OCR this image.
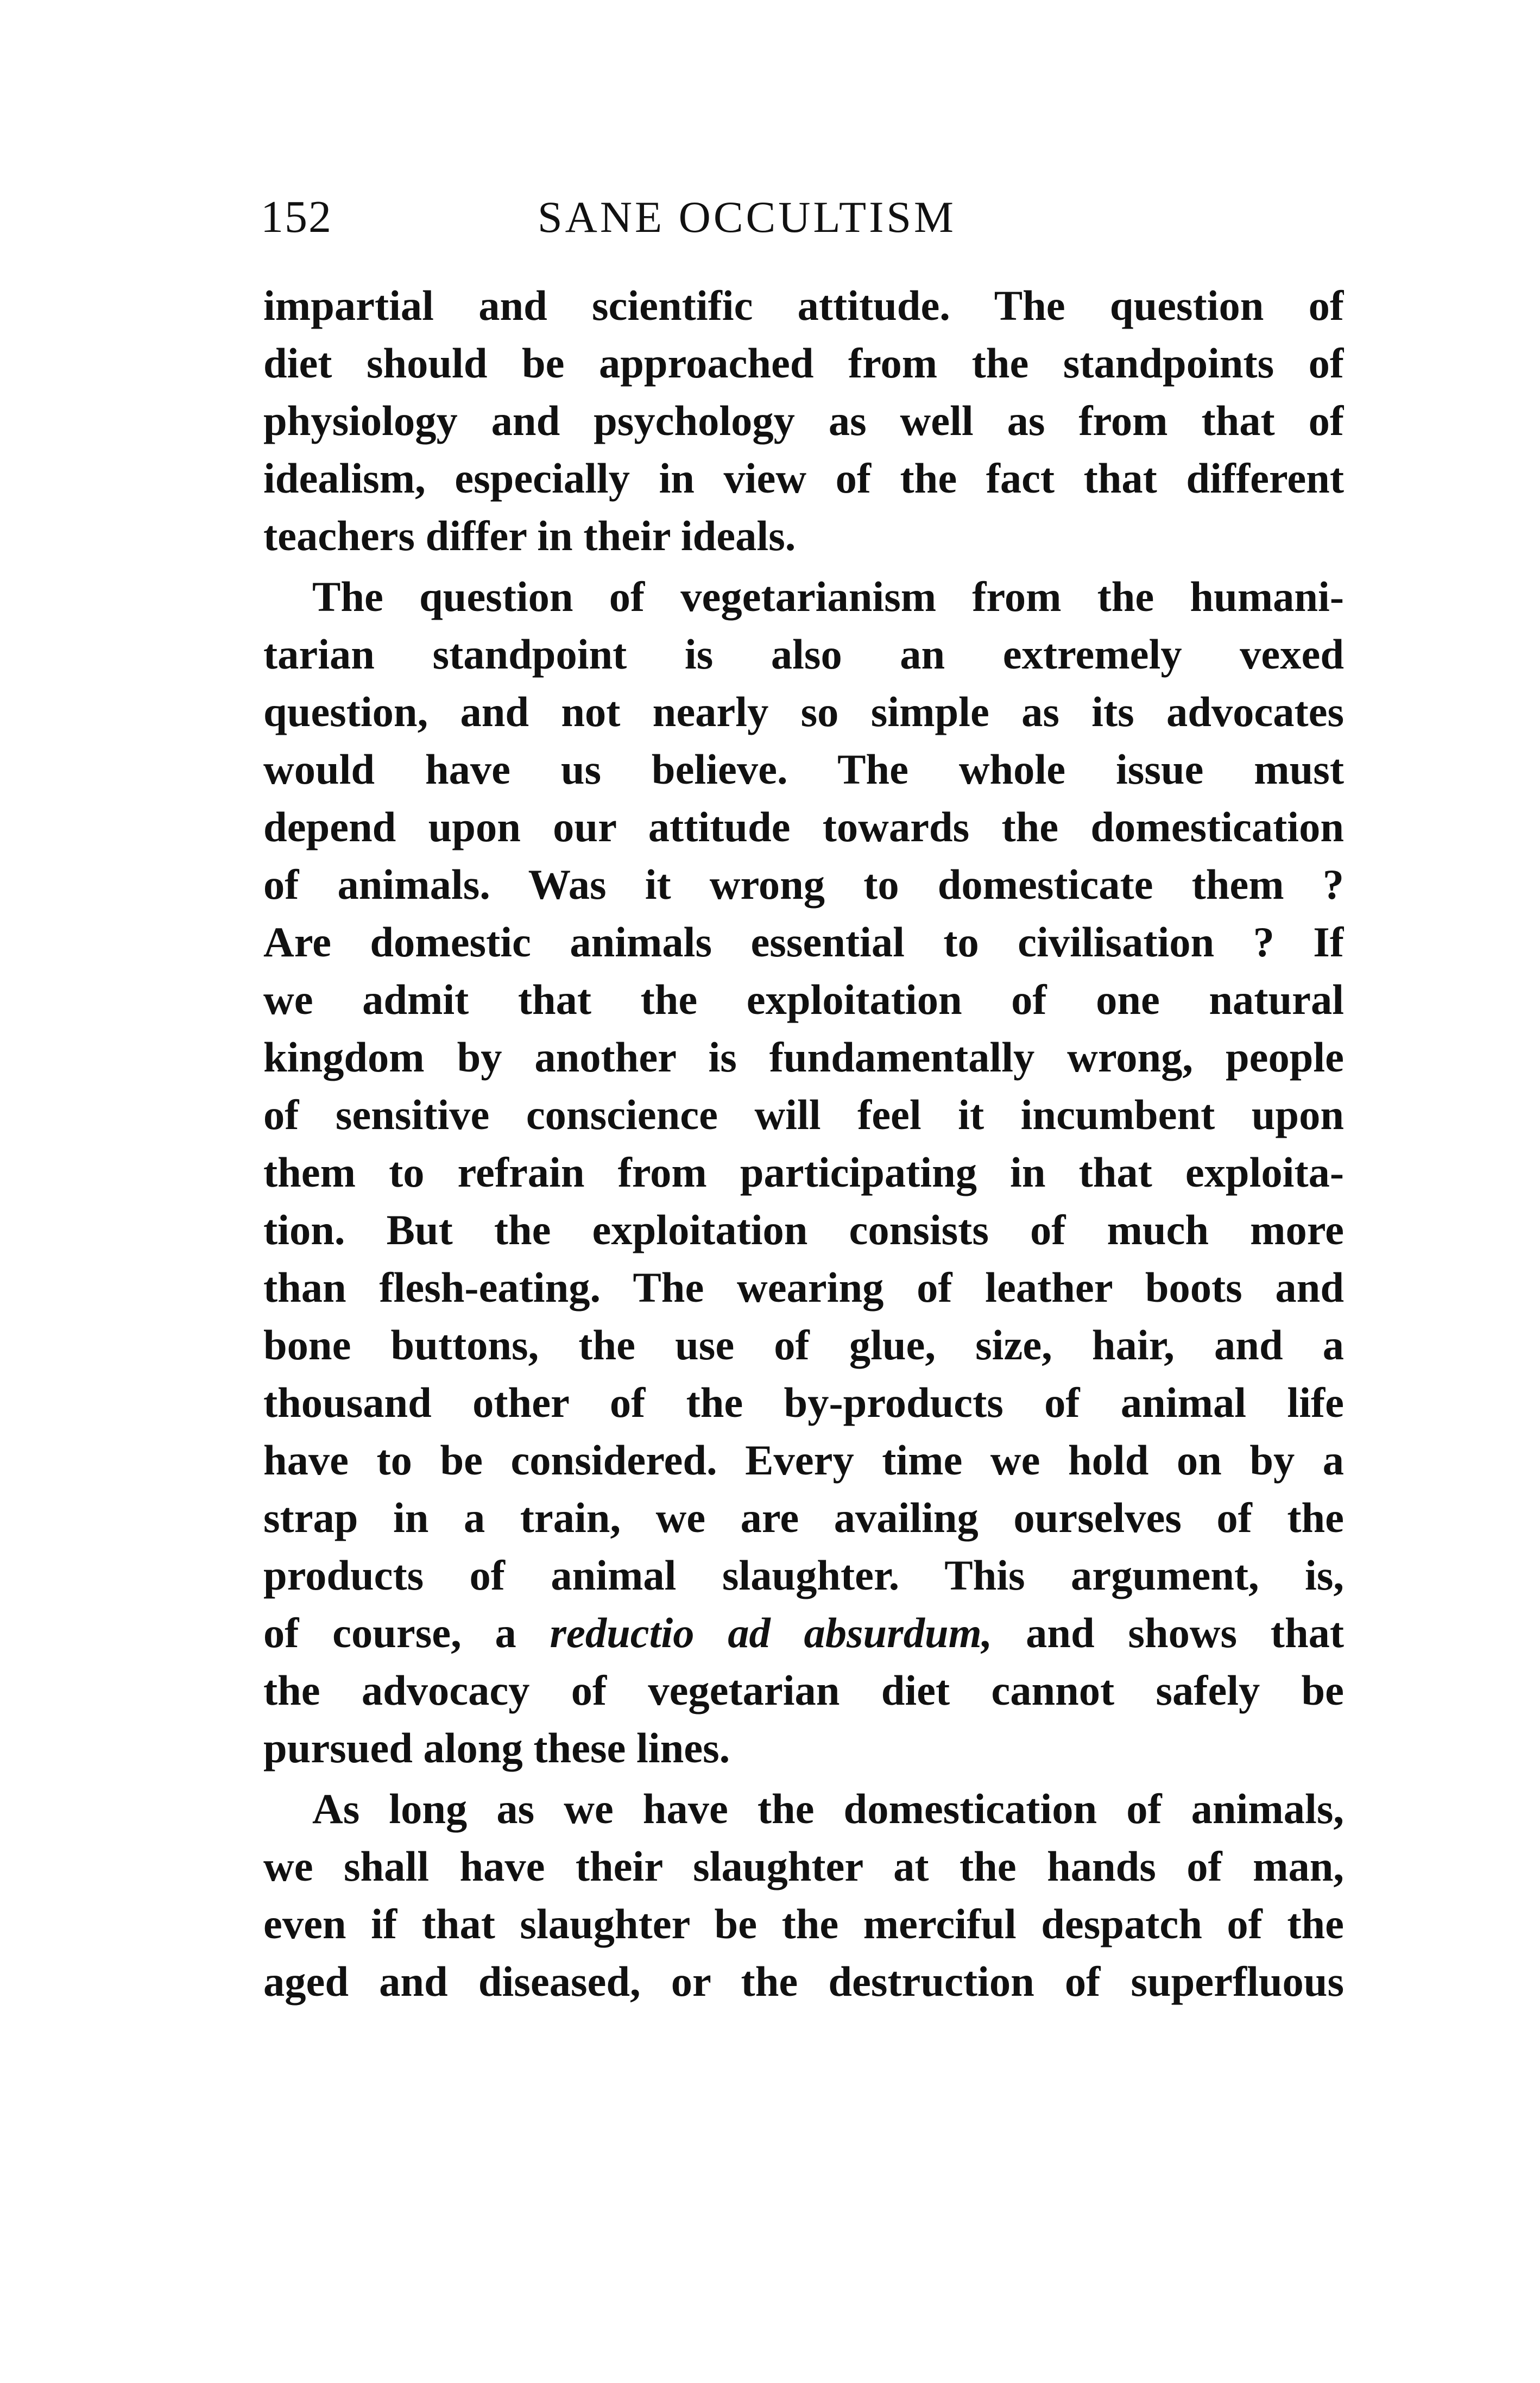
152	SANE OCCULTISM
impartial and scientific attitude. The question of
diet should be approached from the standpoints of
physiology and psychology as well as from that of
idealism, especially in view of the fact that different
teachers differ in their ideals.
The question of vegetarianism from the humani-
tarian standpoint is also an extremely vexed
question, and not nearly so simple as its advocates
would have us believe. The whole issue must
depend upon our attitude towards the domestication
of animals. Was it wrong to domesticate them ?
Are domestic animals essential to civilisation ? If
we admit that the exploitation of one natural
kingdom by another is fundamentally wrong, people
of sensitive conscience will feel it incumbent upon
them to refrain from participating in that exploita-
tion. But the exploitation consists of much more
than flesh-eating. The wearing of leather boots and
bone buttons, the use of glue, size, hair, and a
thousand other of the by-products of animal life
have to be considered. Every time we hold on by a
strap in a train, we are availing ourselves of the
products of animal slaughter. This argument, is,
of course, a reductio ad absurdum, and shows that
the advocacy of vegetarian diet cannot safely be
pursued along these lines.
As long as we have the domestication of animals,
we shall have their slaughter at the hands of man,
even if that slaughter be the merciful despatch of the
aged and diseased, or the destruction of superfluous
